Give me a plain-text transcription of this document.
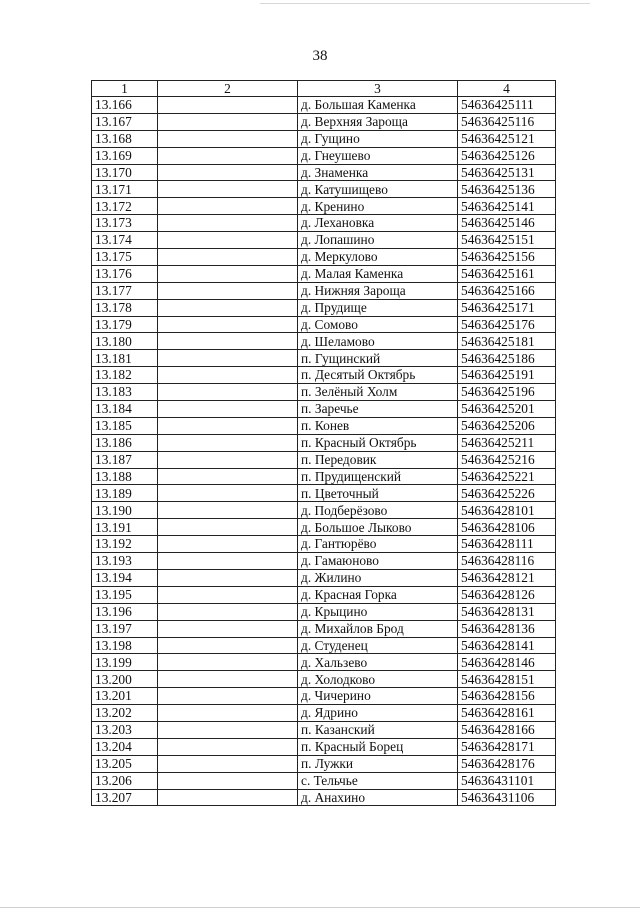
38
1	2	3	4
13.166		д. Большая Каменка	54636425111
13.167		д. Верхняя Зароща	54636425116
13.168		д. Гущино	54636425121
13.169		д. Гнеушево	54636425126
13.170		д. Знаменка	54636425131
13.171		д. Катушищево	54636425136
13.172		д. Кренино	54636425141
13.173		д. Лехановка	54636425146
13.174		д. Лопашино	54636425151
13.175		д. Меркулово	54636425156
13.176		д. Малая Каменка	54636425161
13.177		д. Нижняя Зароща	54636425166
13.178		д. Прудище	54636425171
13.179		д. Сомово	54636425176
13.180		д. Шеламово	54636425181
13.181		п. Гущинский	54636425186
13.182		п. Десятый Октябрь	54636425191
13.183		п. Зелёный Холм	54636425196
13.184		п. Заречье	54636425201
13.185		п. Конев	54636425206
13.186		п. Красный Октябрь	54636425211
13.187		п. Передовик	54636425216
13.188		п. Прудищенский	54636425221
13.189		п. Цветочный	54636425226
13.190		д. Подберёзово	54636428101
13.191		д. Большое Лыково	54636428106
13.192		д. Гантюрёво	54636428111
13.193		д. Гамаюново	54636428116
13.194		д. Жилино	54636428121
13.195		д. Красная Горка	54636428126
13.196		д. Крыцино	54636428131
13.197		д. Михайлов Брод	54636428136
13.198		д. Студенец	54636428141
13.199		д. Хальзево	54636428146
13.200		д. Холодково	54636428151
13.201		д. Чичерино	54636428156
13.202		д. Ядрино	54636428161
13.203		п. Казанский	54636428166
13.204		п. Красный Борец	54636428171
13.205		п. Лужки	54636428176
13.206		с. Тельчье	54636431101
13.207		д. Анахино	54636431106
